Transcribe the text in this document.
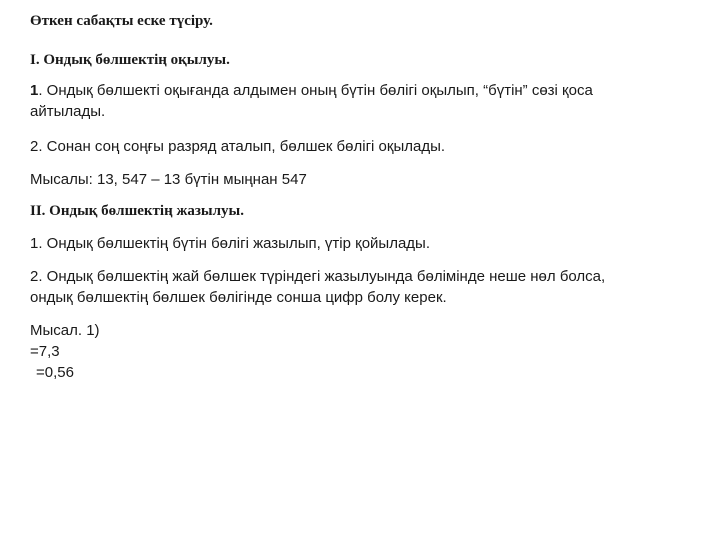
Өткен сабақты еске түсіру.
I. Ондық бөлшектің оқылуы.
1. Ондық бөлшекті оқығанда алдымен оның бүтін бөлігі оқылып, “бүтін” сөзі қоса
айтылады.
2. Сонан соң соңғы разряд аталып, бөлшек бөлігі оқылады.
Мысалы: 13, 547 – 13 бүтін мыңнан 547
II. Ондық бөлшектің жазылуы.
1. Ондық бөлшектің бүтін бөлігі жазылып, үтір қойылады.
2. Ондық бөлшектің жай бөлшек түріндегі жазылуында бөлімінде неше нөл болса,
ондық бөлшектің бөлшек бөлігінде сонша цифр болу керек.
Мысал. 1)
=7,3
=0,56
